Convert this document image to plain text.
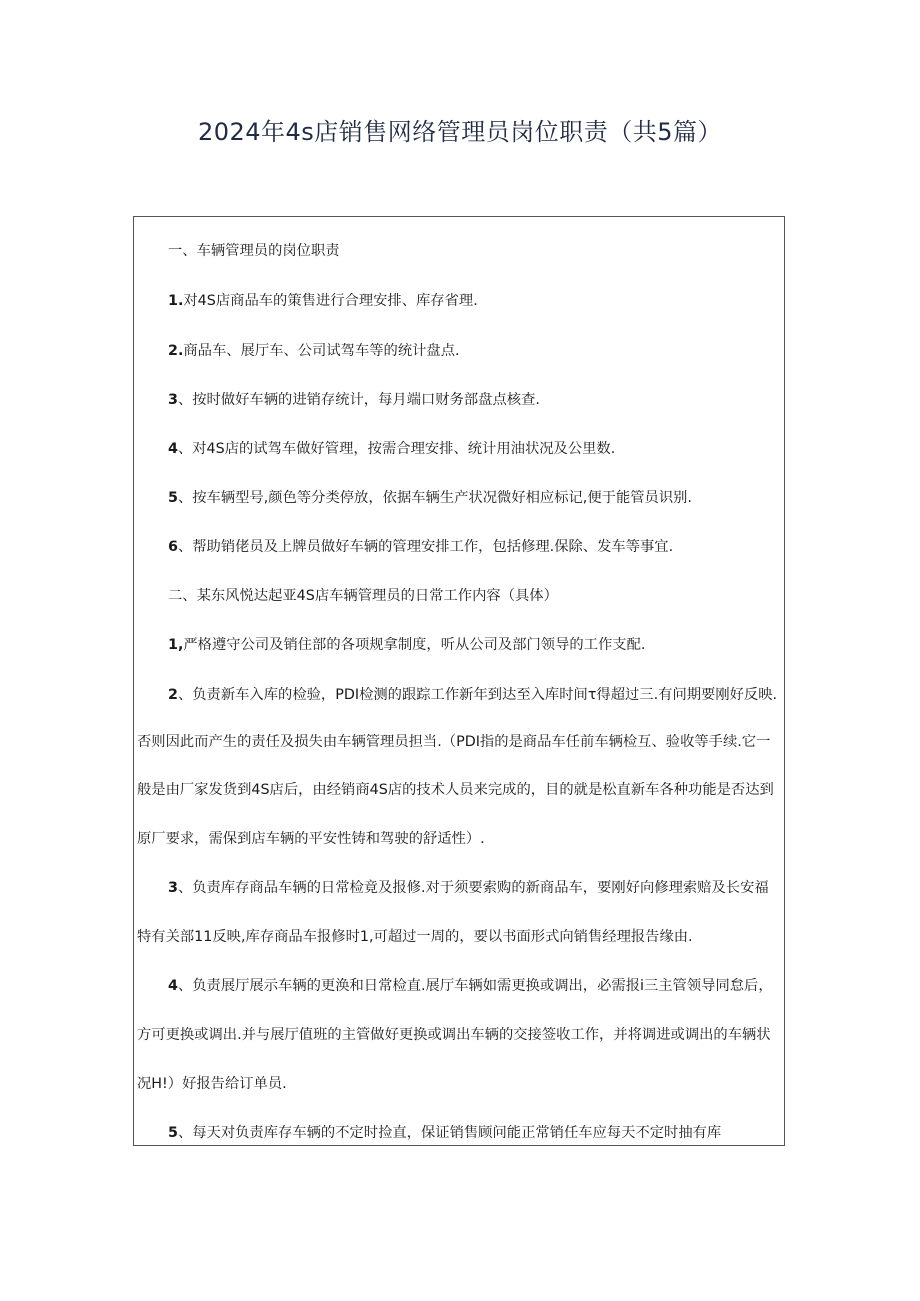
2024年4s店销售网络管理员岗位职责（共5篇）
一、车辆管理员的岗位职责
1.对4S店商品车的策售进行合理安排、库存省理.
2.商品车、展厅车、公司试驾车等的统计盘点.
3、按时做好车辆的进销存统计，每月端口财务部盘点核查.
4、对4S店的试驾车做好管理，按需合理安排、统计用油状况及公里数.
5、按车辆型号,颜色等分类停放，依据车辆生产状况微好相应标记,便于能管员识别.
6、帮助销佬员及上牌员做好车辆的管理安排工作，包括修理.保除、发车等事宜.
二、某东风悦达起亚4S店车辆管理员的日常工作内容（具体）
1,严格遵守公司及销住部的各项规拿制度，听从公司及部门领导的工作支配.
2、负责新车入库的检验，PDI检测的跟踪工作新年到达至入库时间τ得超过三.有问期要刚好反映.
否则因此而产生的责任及损失由车辆管理员担当.（PDI指的是商品车任前车辆检互、验收等手续.它一
般是由厂家发货到4S店后，由经销商4S店的技术人员来完成的，目的就是松直新车各种功能是否达到
原厂要求，需保到店车辆的平安性铸和驾驶的舒适性）.
3、负责库存商品车辆的日常检竟及报修.对于须要索购的新商品车，要刚好向修理索赔及长安福
特有关部11反映,库存商品车报修时1,可超过一周的，要以书面形式向销售经理报告缘由.
4、负责展厅展示车辆的更涣和日常检直.展厅车辆如需更换或调出，必需报i三主管领导同怠后，
方可更换或调出.并与展厅值班的主管做好更换或调出车辆的交接签收工作，并将调进或调出的车辆状
况H!）好报告给订单员.
5、每天对负责库存车辆的不定时捡直，保证销售顾问能正常销任车应每天不定时抽有库
